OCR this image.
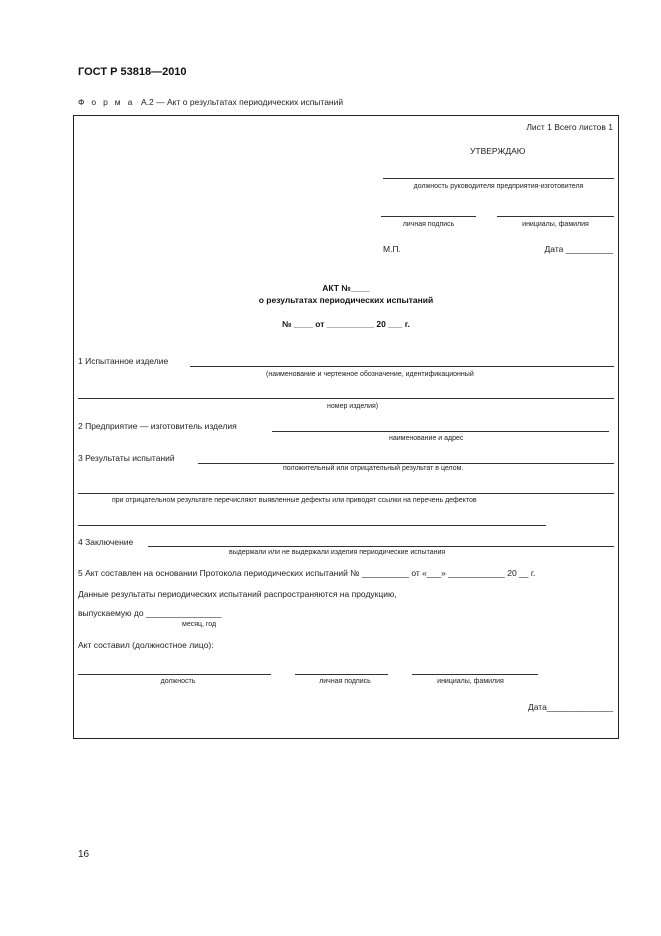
ГОСТ Р 53818—2010
Ф о р м а А.2 — Акт о результатах периодических испытаний
Лист 1 Всего листов 1
УТВЕРЖДАЮ
должность руководителя предприятия-изготовителя
личная подпись	инициалы, фамилия
М.П.	Дата __________
АКТ №____
о результатах периодических испытаний
№ ____ от __________ 20 ___ г.
1 Испытанное изделие
(наименование и чертежное обозначение, идентификационный
номер изделия)
2 Предприятие — изготовитель изделия
наименование и адрес
3 Результаты испытаний
положительный или отрицательный результат в целом.
при отрицательном результате перечисляют выявленные дефекты или приводят ссылки на перечень дефектов
4 Заключение
выдержали или не выдержали изделия периодические испытания
5 Акт составлен на основании Протокола периодических испытаний № __________ от «___» ____________ 20 __ г.
Данные результаты периодических испытаний распространяются на продукцию,
выпускаемую до ________________
месяц, год
Акт составил (должностное лицо):
должность	личная подпись	инициалы, фамилия
Дата______________
16
